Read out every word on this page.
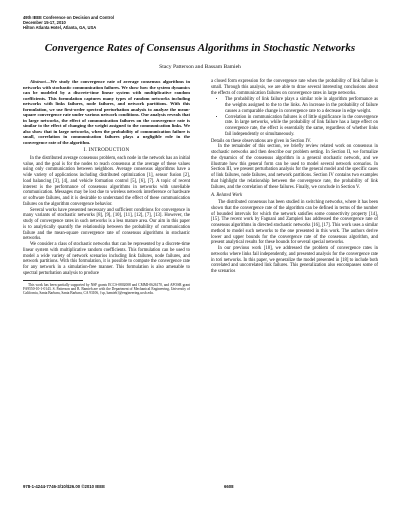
49th IEEE Conference on Decision and Control
December 15-17, 2010
Hilton Atlanta Hotel, Atlanta, GA, USA
Convergence Rates of Consensus Algorithms in Stochastic Networks
Stacy Patterson and Bassam Bamieh
Abstract—We study the convergence rate of average consensus algorithms in networks with stochastic communication failures. We show how the system dynamics can be modeled by a discrete-time linear system with multiplicative random coefficients. This formulation captures many types of random networks including networks with links failures, node failures, and network partitions. With this formulation, we use first-order spectral perturbation analysis to analyze the mean-square convergence rate under various network conditions. Our analysis reveals that in large networks, the effect of communication failures on the convergence rate is similar to the effect of changing the weight assigned to the communication links. We also show that in large networks, when the probability of communication failure is small, correlation in communication failures plays a negligible role in the convergence rate of the algorithm.
I. INTRODUCTION

In the distributed average consensus problem, each node in the network has an initial value, and the goal is for the nodes to reach consensus at the average of these values using only communication between neighbors. Average consensus algorithms have a wide variety of applications including distributed optimization [1], sensor fusion [2], load balancing [3], [4], and vehicle formation control [5], [6], [7]. A topic of recent interest is the performance of consensus algorithms in networks with unreliable communication. Messages may be lost due to wireless network interference or hardware or software failures, and it is desirable to understand the effect of these communication failures on the algorithm convergence behavior.

Several works have presented necessary and sufficient conditions for convergence in many variants of stochastic networks [8], [9], [10], [11], [12], [7], [13]. However, the study of convergence rates in such networks is a less mature area. Our aim in this paper is to analytically quantify the relationship between the probability of communication failure and the mean-square convergence rate of consensus algorithms in stochastic networks.

We consider a class of stochastic networks that can be represented by a discrete-time linear system with multiplicative random coefficients. This formulation can be used to model a wide variety of network scenarios including link failures, node failures, and network partitions. With this formulation, it is possible to compute the convergence rate for any network in a simulation-free manner. This formulation is also amenable to spectral perturbation analysis to produce

This work has been partially supported by NSF grants ECCS-0802008 and CMMI-0626170, and AFOSR grant FA9550-10-1-0143. S. Patterson and B. Bamieh are with the Department of Mechanical Engineering, University of California, Santa Barbara, Santa Barbara, CA 93106, {sp, bamieh}@engineering.ucsb.edu.

a closed form expression for the convergence rate when the probability of link failure is small. Through this analysis, we are able to draw several interesting conclusions about the effects of communication failures on convergence rates in large networks.

• The probability of link failure plays a similar role in algorithm performance as the weights assigned to the to the links. An increase in the probability of failure causes a comparable change in convergence rate to a decrease in edge weight.
• Correlation in communication failures is of little significance in the convergence rate. In large networks, while the probability of link failure has a large effect on convergence rate, the effect is essentially the same, regardless of whether links fail independently or simultaneously.

Details on these observations are given in Section IV.

In the remainder of this section, we briefly review related work on consensus in stochastic networks and then describe our problem setting. In Section II, we formalize the dynamics of the consensus algorithm in a general stochastic network, and we illustrate how this general form can be used to model several network scenarios. In Section III, we present perturbation analysis for the general model and the specific cases of link failures, node failures, and network partitions. Section IV contains two examples that highlight the relationship between the convergence rate, the probability of link failures, and the correlation of these failures. Finally, we conclude in Section V.

A. Related Work

The distributed consensus has been studied in switching networks, where it has been shown that the convergence rate of the algorithm can be defined in terms of the number of bounded intervals for which the network satisfies some connectivity property [14], [15]. The recent work by Fagnani and Zampieri has addressed the convergence rate of consensus algorithms in directed stochastic networks [16], [17]. This work uses a similar method to model such networks to the one presented in this work. The authors derive lower and upper bounds for the convergence rate of the consensus algorithm, and present analytical results for these bounds for several special networks.

In our previous work [18], we addressed the problem of convergence rates in networks where links fail independently, and presented analysis for the convergence rate in tori networks. In this paper, we generalize the model presented in [18] to include both correlated and uncorrelated link failures. This generalization also encompasses some of the scenarios

978-1-4244-7746-3/10/$26.00 ©2010 IEEE	6608
